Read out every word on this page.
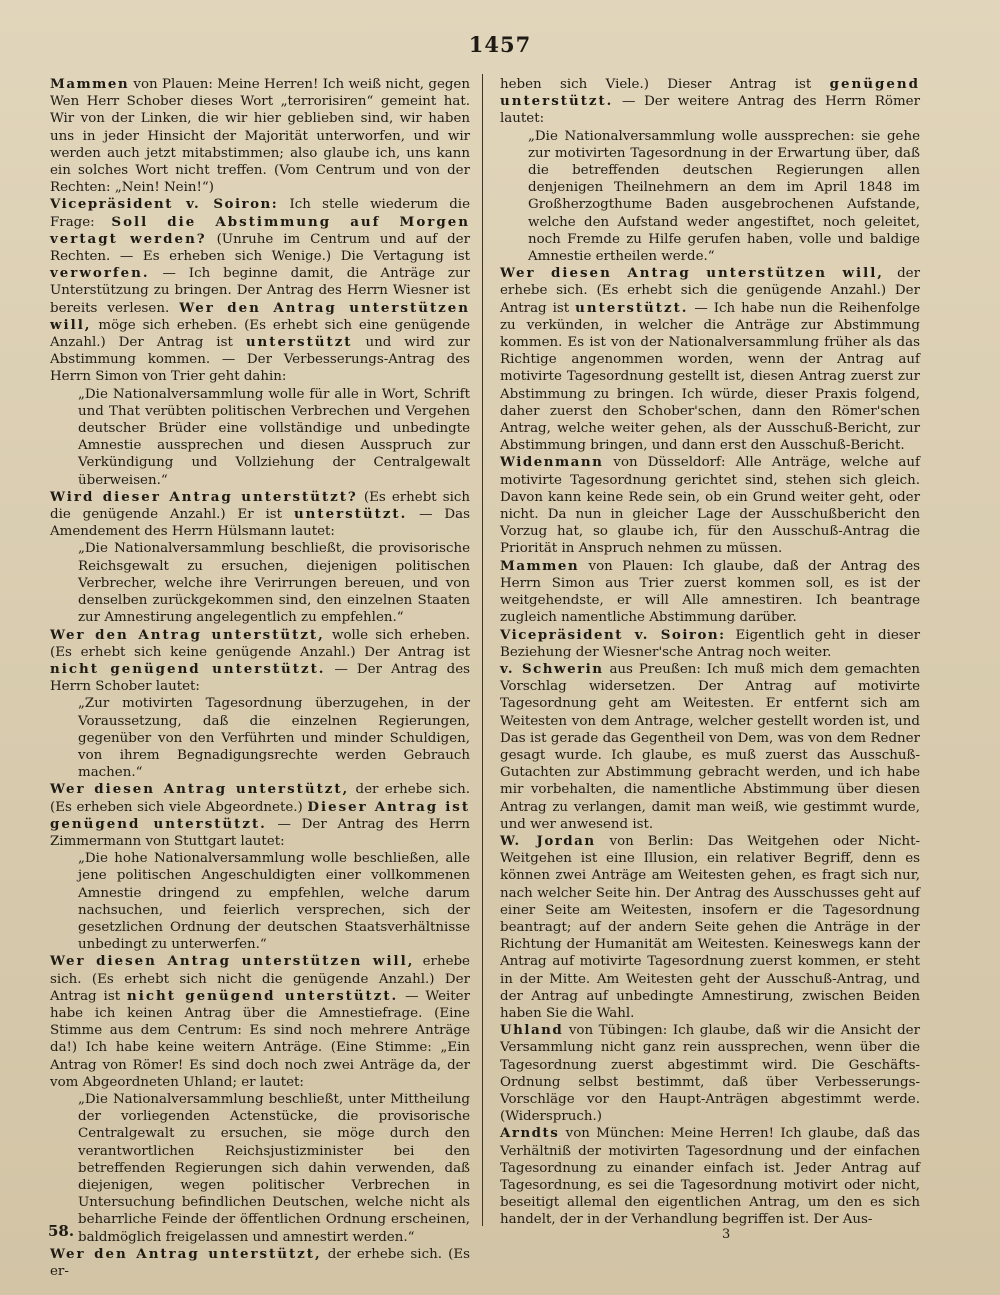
1457

Mammen von Plauen: Meine Herren! Ich weiß nicht, gegen Wen Herr Schober dieses Wort „terrorisiren“ gemeint hat. Wir von der Linken, die wir hier geblieben sind, wir haben uns in jeder Hinsicht der Majorität unterworfen, und wir werden auch jetzt mitabstimmen; also glaube ich, uns kann ein solches Wort nicht treffen. (Vom Centrum und von der Rechten: „Nein! Nein!“)

Vicepräsident v. Soiron: Ich stelle wiederum die Frage: Soll die Abstimmung auf Morgen vertagt werden? (Unruhe im Centrum und auf der Rechten. — Es erheben sich Wenige.) Die Vertagung ist verworfen. — Ich beginne damit, die Anträge zur Unterstützung zu bringen. Der Antrag des Herrn Wiesner ist bereits verlesen. Wer den Antrag unterstützen will, möge sich erheben. (Es erhebt sich eine genügende Anzahl.) Der Antrag ist unterstützt und wird zur Abstimmung kommen. — Der Verbesserungs-Antrag des Herrn Simon von Trier geht dahin:

„Die Nationalversammlung wolle für alle in Wort, Schrift und That verübten politischen Verbrechen und Vergehen deutscher Brüder eine vollständige und unbedingte Amnestie aussprechen und diesen Ausspruch zur Verkündigung und Vollziehung der Centralgewalt überweisen.“

Wird dieser Antrag unterstützt? (Es erhebt sich die genügende Anzahl.) Er ist unterstützt. — Das Amendement des Herrn Hülsmann lautet:

„Die Nationalversammlung beschließt, die provisorische Reichsgewalt zu ersuchen, diejenigen politischen Verbrecher, welche ihre Verirrungen bereuen, und von denselben zurückgekommen sind, den einzelnen Staaten zur Amnestirung angelegentlich zu empfehlen.“

Wer den Antrag unterstützt, wolle sich erheben. (Es erhebt sich keine genügende Anzahl.) Der Antrag ist nicht genügend unterstützt. — Der Antrag des Herrn Schober lautet:

„Zur motivirten Tagesordnung überzugehen, in der Voraussetzung, daß die einzelnen Regierungen, gegenüber von den Verführten und minder Schuldigen, von ihrem Begnadigungsrechte werden Gebrauch machen.“

Wer diesen Antrag unterstützt, der erhebe sich. (Es erheben sich viele Abgeordnete.) Dieser Antrag ist genügend unterstützt. — Der Antrag des Herrn Zimmermann von Stuttgart lautet:

„Die hohe Nationalversammlung wolle beschließen, alle jene politischen Angeschuldigten einer vollkommenen Amnestie dringend zu empfehlen, welche darum nachsuchen, und feierlich versprechen, sich der gesetzlichen Ordnung der deutschen Staatsverhältnisse unbedingt zu unterwerfen.“

Wer diesen Antrag unterstützen will, erhebe sich. (Es erhebt sich nicht die genügende Anzahl.) Der Antrag ist nicht genügend unterstützt. — Weiter habe ich keinen Antrag über die Amnestiefrage. (Eine Stimme aus dem Centrum: Es sind noch mehrere Anträge da!) Ich habe keine weitern Anträge. (Eine Stimme: „Ein Antrag von Römer! Es sind doch noch zwei Anträge da, der vom Abgeordneten Uhland; er lautet:

„Die Nationalversammlung beschließt, unter Mittheilung der vorliegenden Actenstücke, die provisorische Centralgewalt zu ersuchen, sie möge durch den verantwortlichen Reichsjustizminister bei den betreffenden Regierungen sich dahin verwenden, daß diejenigen, wegen politischer Verbrechen in Untersuchung befindlichen Deutschen, welche nicht als beharrliche Feinde der öffentlichen Ordnung erscheinen, baldmöglich freigelassen und amnestirt werden.“

Wer den Antrag unterstützt, der erhebe sich. (Es er-

heben sich Viele.) Dieser Antrag ist genügend unterstützt. — Der weitere Antrag des Herrn Römer lautet:

„Die Nationalversammlung wolle aussprechen: sie gehe zur motivirten Tagesordnung in der Erwartung über, daß die betreffenden deutschen Regierungen allen denjenigen Theilnehmern an dem im April 1848 im Großherzogthume Baden ausgebrochenen Aufstande, welche den Aufstand weder angestiftet, noch geleitet, noch Fremde zu Hilfe gerufen haben, volle und baldige Amnestie ertheilen werde.“

Wer diesen Antrag unterstützen will, der erhebe sich. (Es erhebt sich die genügende Anzahl.) Der Antrag ist unterstützt. — Ich habe nun die Reihenfolge zu verkünden, in welcher die Anträge zur Abstimmung kommen. Es ist von der Nationalversammlung früher als das Richtige angenommen worden, wenn der Antrag auf motivirte Tagesordnung gestellt ist, diesen Antrag zuerst zur Abstimmung zu bringen. Ich würde, dieser Praxis folgend, daher zuerst den Schober'schen, dann den Römer'schen Antrag, welche weiter gehen, als der Ausschuß-Bericht, zur Abstimmung bringen, und dann erst den Ausschuß-Bericht.

Widenmann von Düsseldorf: Alle Anträge, welche auf motivirte Tagesordnung gerichtet sind, stehen sich gleich. Davon kann keine Rede sein, ob ein Grund weiter geht, oder nicht. Da nun in gleicher Lage der Ausschußbericht den Vorzug hat, so glaube ich, für den Ausschuß-Antrag die Priorität in Anspruch nehmen zu müssen.

Mammen von Plauen: Ich glaube, daß der Antrag des Herrn Simon aus Trier zuerst kommen soll, es ist der weitgehendste, er will Alle amnestiren. Ich beantrage zugleich namentliche Abstimmung darüber.

Vicepräsident v. Soiron: Eigentlich geht in dieser Beziehung der Wiesner'sche Antrag noch weiter.

v. Schwerin aus Preußen: Ich muß mich dem gemachten Vorschlag widersetzen. Der Antrag auf motivirte Tagesordnung geht am Weitesten. Er entfernt sich am Weitesten von dem Antrage, welcher gestellt worden ist, und Das ist gerade das Gegentheil von Dem, was von dem Redner gesagt wurde. Ich glaube, es muß zuerst das Ausschuß-Gutachten zur Abstimmung gebracht werden, und ich habe mir vorbehalten, die namentliche Abstimmung über diesen Antrag zu verlangen, damit man weiß, wie gestimmt wurde, und wer anwesend ist.

W. Jordan von Berlin: Das Weitgehen oder Nicht-Weitgehen ist eine Illusion, ein relativer Begriff, denn es können zwei Anträge am Weitesten gehen, es fragt sich nur, nach welcher Seite hin. Der Antrag des Ausschusses geht auf einer Seite am Weitesten, insofern er die Tagesordnung beantragt; auf der andern Seite gehen die Anträge in der Richtung der Humanität am Weitesten. Keineswegs kann der Antrag auf motivirte Tagesordnung zuerst kommen, er steht in der Mitte. Am Weitesten geht der Ausschuß-Antrag, und der Antrag auf unbedingte Amnestirung, zwischen Beiden haben Sie die Wahl.

Uhland von Tübingen: Ich glaube, daß wir die Ansicht der Versammlung nicht ganz rein aussprechen, wenn über die Tagesordnung zuerst abgestimmt wird. Die Geschäfts-Ordnung selbst bestimmt, daß über Verbesserungs-Vorschläge vor den Haupt-Anträgen abgestimmt werde. (Widerspruch.)

Arndts von München: Meine Herren! Ich glaube, daß das Verhältniß der motivirten Tagesordnung und der einfachen Tagesordnung zu einander einfach ist. Jeder Antrag auf Tagesordnung, es sei die Tagesordnung motivirt oder nicht, beseitigt allemal den eigentlichen Antrag, um den es sich handelt, der in der Verhandlung begriffen ist. Der Aus-

58.	3
